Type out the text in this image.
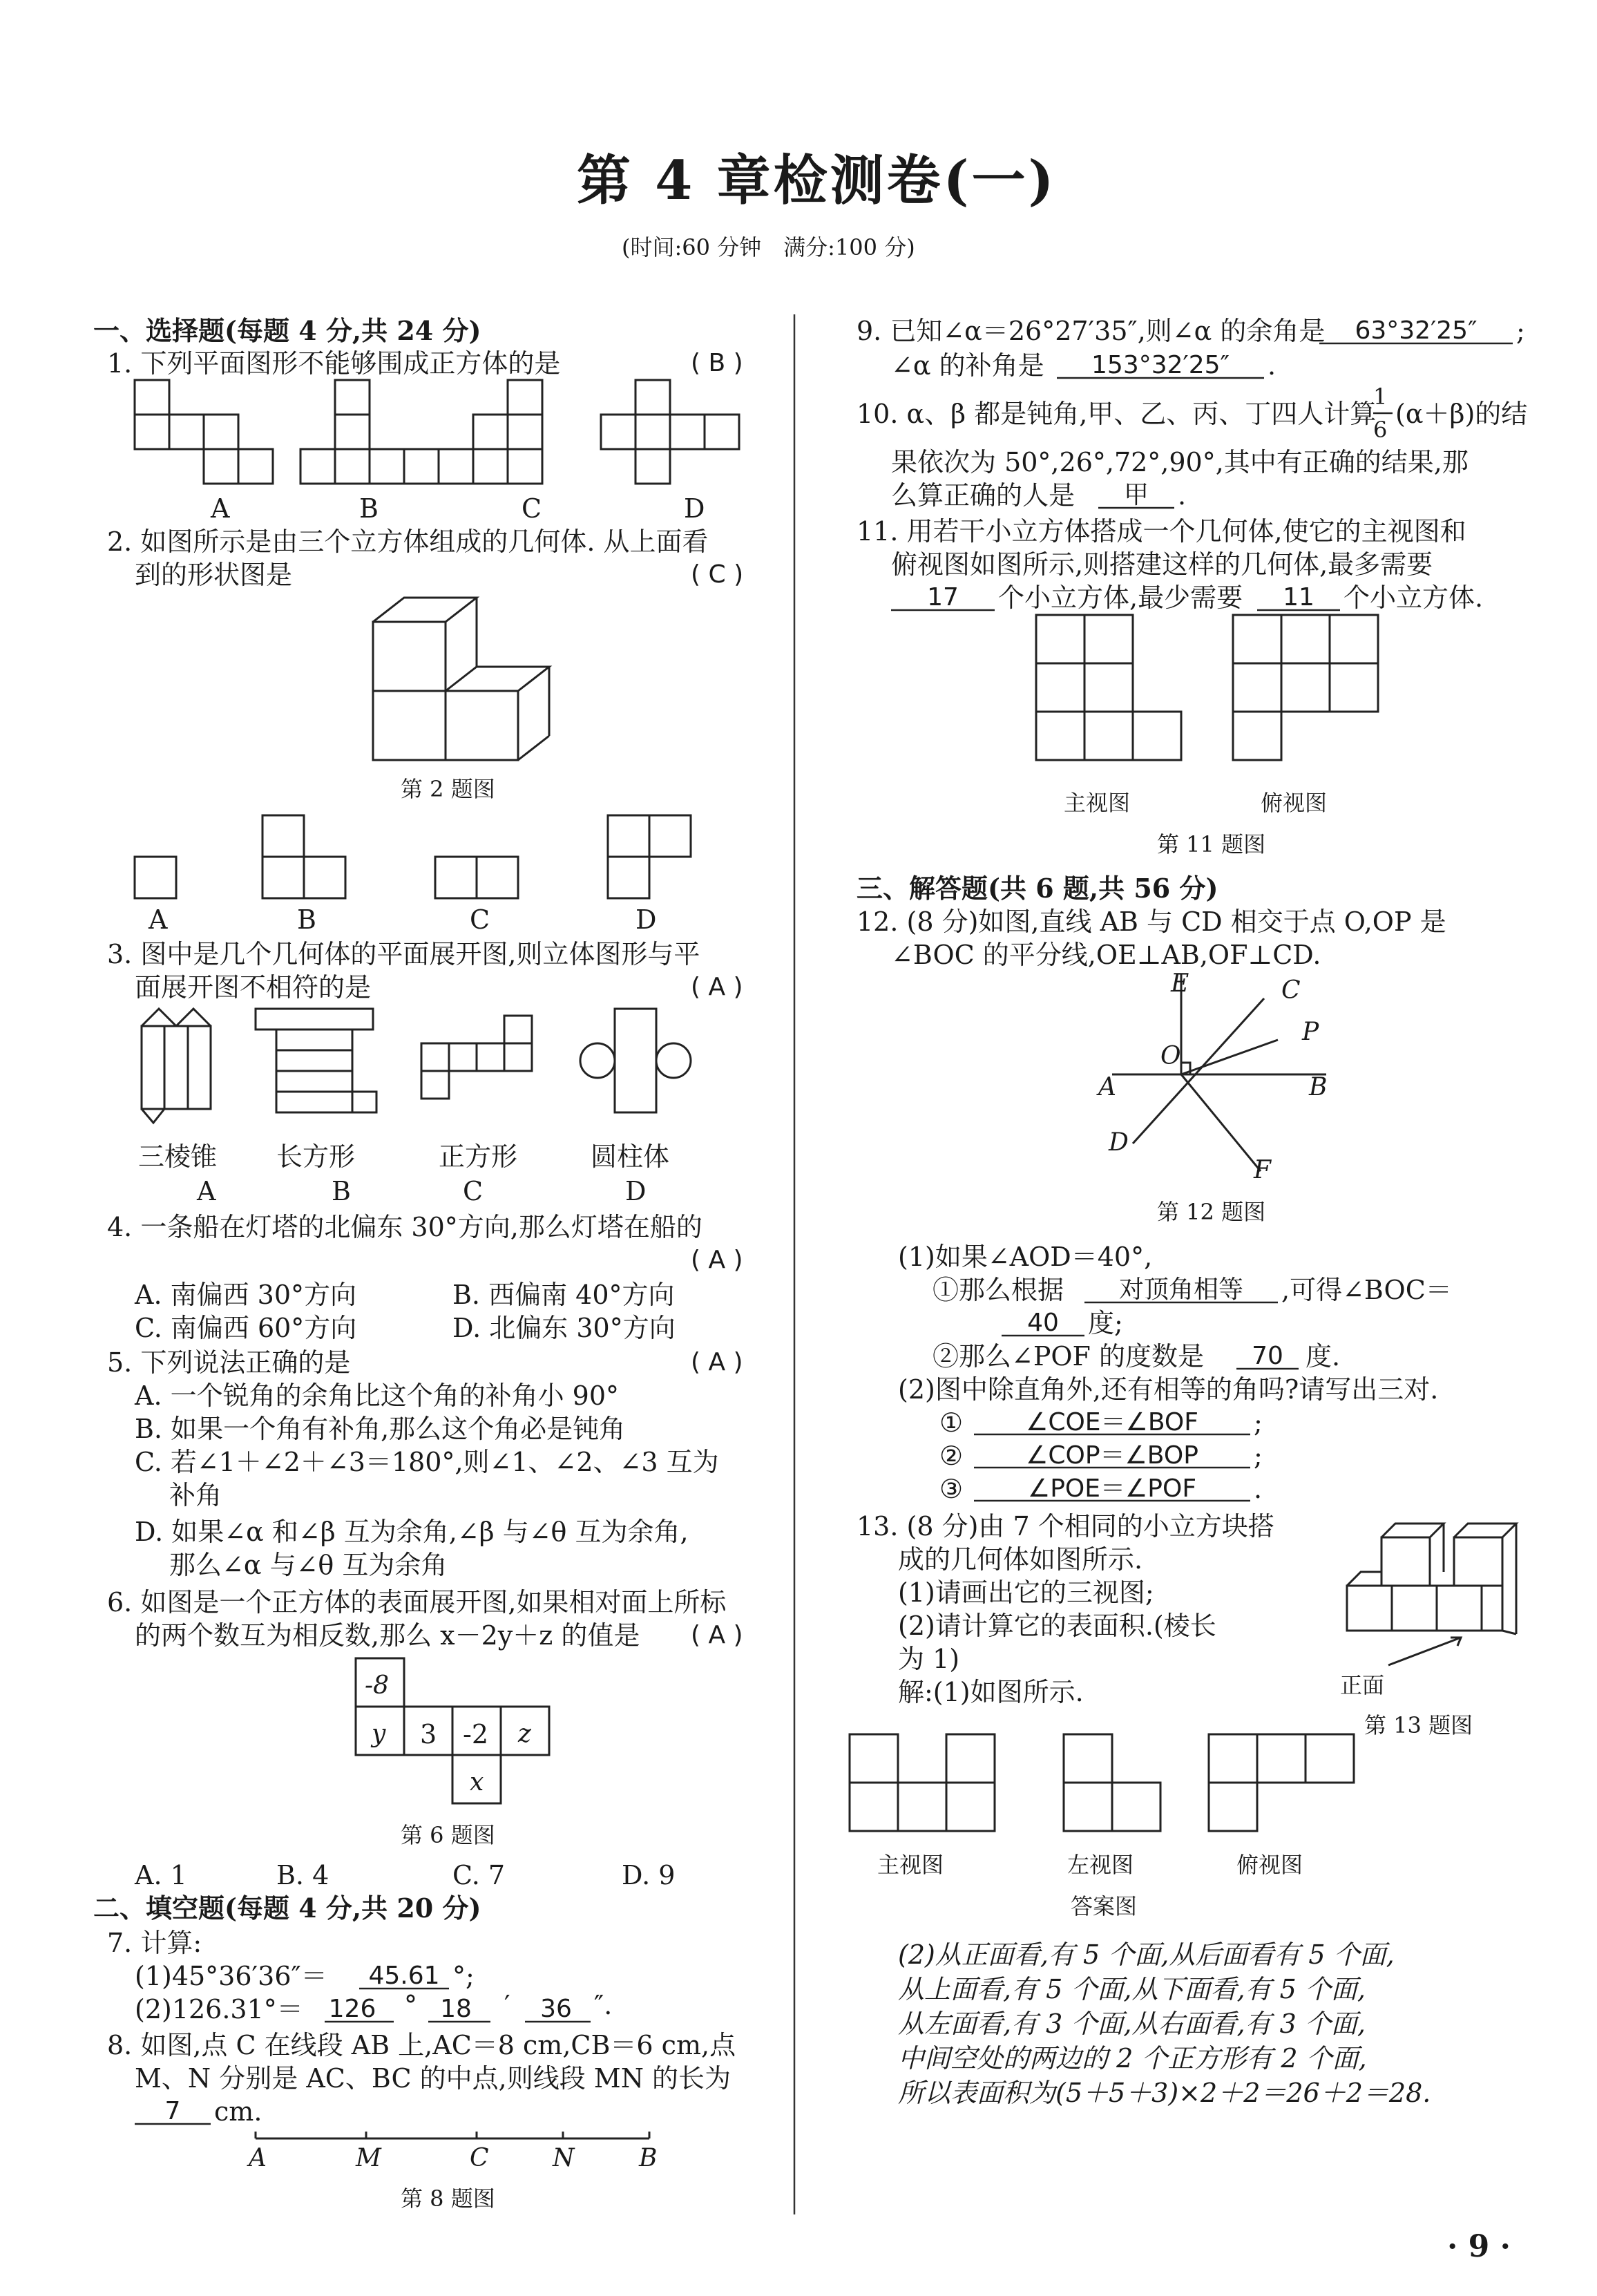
第 4 章检测卷(一)
(时间:60 分钟　满分:100 分)
一、选择题(每题 4 分,共 24 分)
1. 下列平面图形不能够围成正方体的是	( B )
A	B	C	D
2. 如图所示是由三个立方体组成的几何体. 从上面看
到的形状图是	( C )
第 2 题图
A	B	C	D
3. 图中是几个几何体的平面展开图,则立体图形与平
面展开图不相符的是	( A )
三棱锥 长方形	正方形	圆柱体
A	B	C	D
4. 一条船在灯塔的北偏东 30°方向,那么灯塔在船的
( A )
A. 南偏西 30°方向	B. 西偏南 40°方向
C. 南偏西 60°方向	D. 北偏东 30°方向
5. 下列说法正确的是	( A )
A. 一个锐角的余角比这个角的补角小 90°
B. 如果一个角有补角,那么这个角必是钝角
C. 若∠1＋∠2＋∠3＝180°,则∠1、∠2、∠3 互为
补角
D. 如果∠α 和∠β 互为余角,∠β 与∠θ 互为余角,
那么∠α 与∠θ 互为余角
6. 如图是一个正方体的表面展开图,如果相对面上所标
的两个数互为相反数,那么 x－2y＋z 的值是 ( A )
-8
y 3 -2 z
x
第 6 题图
A. 1	B. 4	C. 7	D. 9
二、填空题(每题 4 分,共 20 分)
7. 计算:
(1)45°36′36″＝	45.61 °;
(2)126.31°＝ 126 ° 18	′	36 ″.
8. 如图,点 C 在线段 AB 上,AC＝8 cm,CB＝6 cm,点
M、N 分别是 AC、BC 的中点,则线段 MN 的长为
7	cm.
A	M	C	N	B
第 8 题图
9. 已知∠α＝26°27′35″,则∠α 的余角是	63°32′25″	;
∠α 的补角是	153°32′25″	.
10. α、β 都是钝角,甲、乙、丙、丁四人计算
1
6
(α＋β)的结
果依次为 50°,26°,72°,90°,其中有正确的结果,那
么算正确的人是	甲	.
11. 用若干小立方体搭成一个几何体,使它的主视图和
俯视图如图所示,则搭建这样的几何体,最多需要
17	个小立方体,最少需要	11	个小立方体.
主视图	俯视图
第 11 题图
三、解答题(共 6 题,共 56 分)
12. (8 分)如图,直线 AB 与 CD 相交于点 O,OP 是
∠BOC 的平分线,OE⊥AB,OF⊥CD.
E	C
P
O
A	B
D
F
第 12 题图
(1)如果∠AOD＝40°,
①那么根据	对顶角相等	,可得∠BOC＝
40	度;
②那么∠POF 的度数是	70 度.
(2)图中除直角外,还有相等的角吗?请写出三对.
①	∠COE＝∠BOF	;
②	∠COP＝∠BOP	;
③	∠POE＝∠POF	.
13. (8 分)由 7 个相同的小立方块搭
成的几何体如图所示.
(1)请画出它的三视图;
(2)请计算它的表面积.(棱长
为 1)
正面
解:(1)如图所示.
第 13 题图
主视图	左视图	俯视图
答案图
(2)从正面看,有 5 个面,从后面看有 5 个面,
从上面看,有 5 个面,从下面看,有 5 个面,
从左面看,有 3 个面,从右面看,有 3 个面,
中间空处的两边的 2 个正方形有 2 个面,
所以表面积为(5＋5＋3)×2＋2＝26＋2＝28.
· 9 ·
